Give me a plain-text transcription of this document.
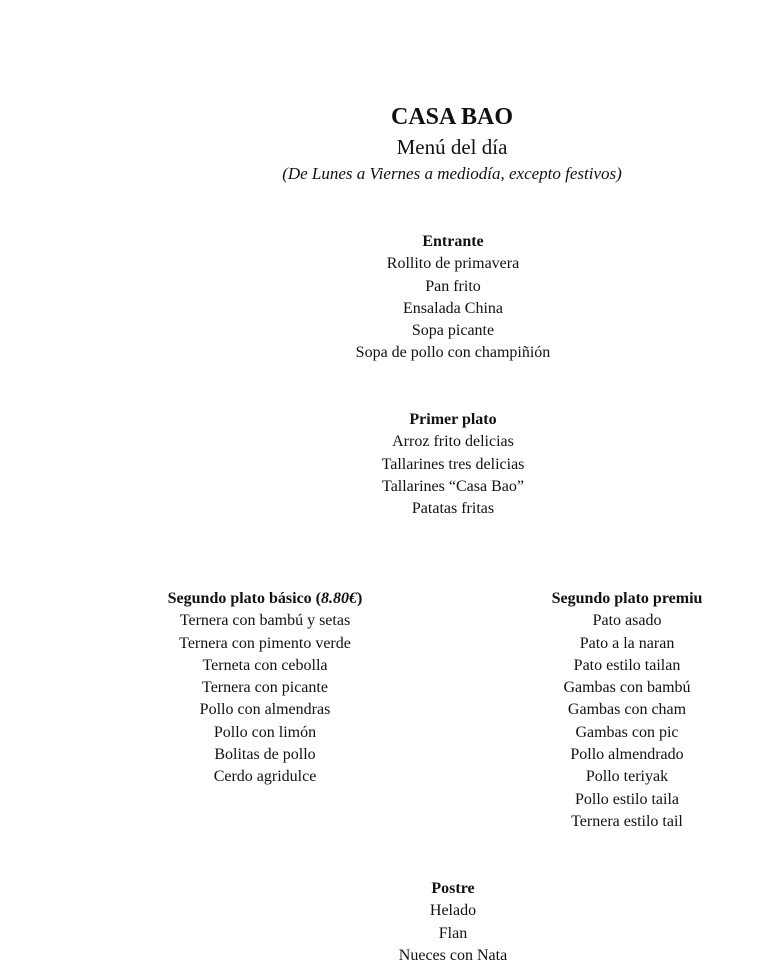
CASA BAO
Menú del día
(De Lunes a Viernes a mediodía, excepto festivos)
Entrante
Rollito de primavera
Pan frito
Ensalada China
Sopa picante
Sopa de pollo con champiñión
Primer plato
Arroz frito delicias
Tallarines tres delicias
Tallarines “Casa Bao”
Patatas fritas
Segundo plato básico (8.80€)
Ternera con bambú y setas
Ternera con pimento verde
Terneta con cebolla
Ternera con picante
Pollo con almendras
Pollo con limón
Bolitas de pollo
Cerdo agridulce
Segundo plato premiu
Pato asado
Pato a la naran
Pato estilo tailan
Gambas con bambú
Gambas con cham
Gambas con pic
Pollo almendrado
Pollo teriyak
Pollo estilo taila
Ternera estilo tail
Postre
Helado
Flan
Nueces con Nata
